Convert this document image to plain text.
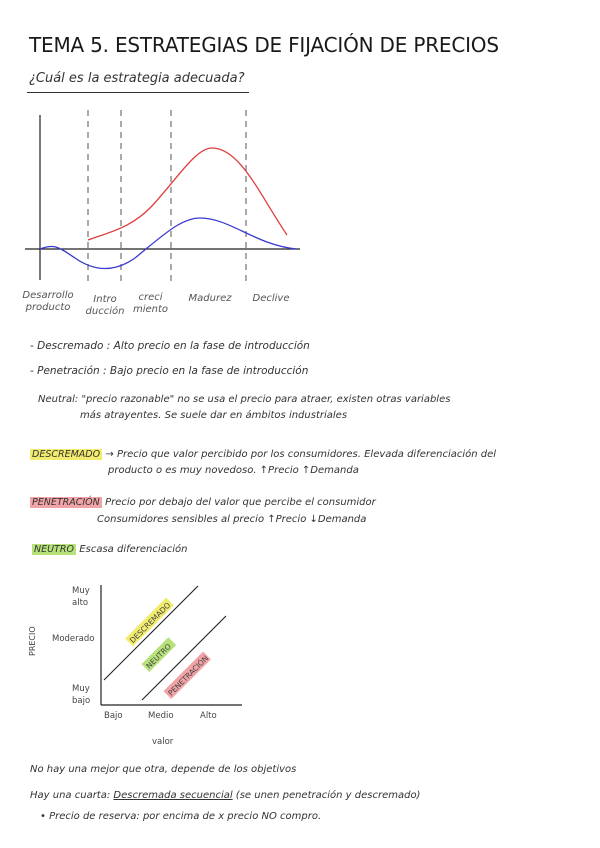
TEMA 5. ESTRATEGIAS DE FIJACIÓN DE PRECIOS
¿Cuál es la estrategia adecuada?
Desarrollo
producto
Intro
ducción
creci
miento
Madurez	Declive
- Descremado : Alto precio en la fase de introducción
- Penetración : Bajo precio en la fase de introducción
Neutral: "precio razonable" no se usa el precio para atraer, existen otras variables
más atrayentes. Se suele dar en ámbitos industriales
DESCREMADO → Precio que valor percibido por los consumidores. Elevada diferenciación del
producto o es muy novedoso. ↑Precio ↑Demanda
PENETRACIÓN Precio por debajo del valor que percibe el consumidor
Consumidores sensibles al precio ↑Precio ↓Demanda
NEUTRO Escasa diferenciación
DESCREMADO
NEUTRO
PENETRACIÓN
PRECIO
Muy
alto
Moderado
Muy
bajo
Bajo	Medio	Alto
valor
No hay una mejor que otra, depende de los objetivos
Hay una cuarta: Descremada secuencial (se unen penetración y descremado)
• Precio de reserva: por encima de x precio NO compro.
